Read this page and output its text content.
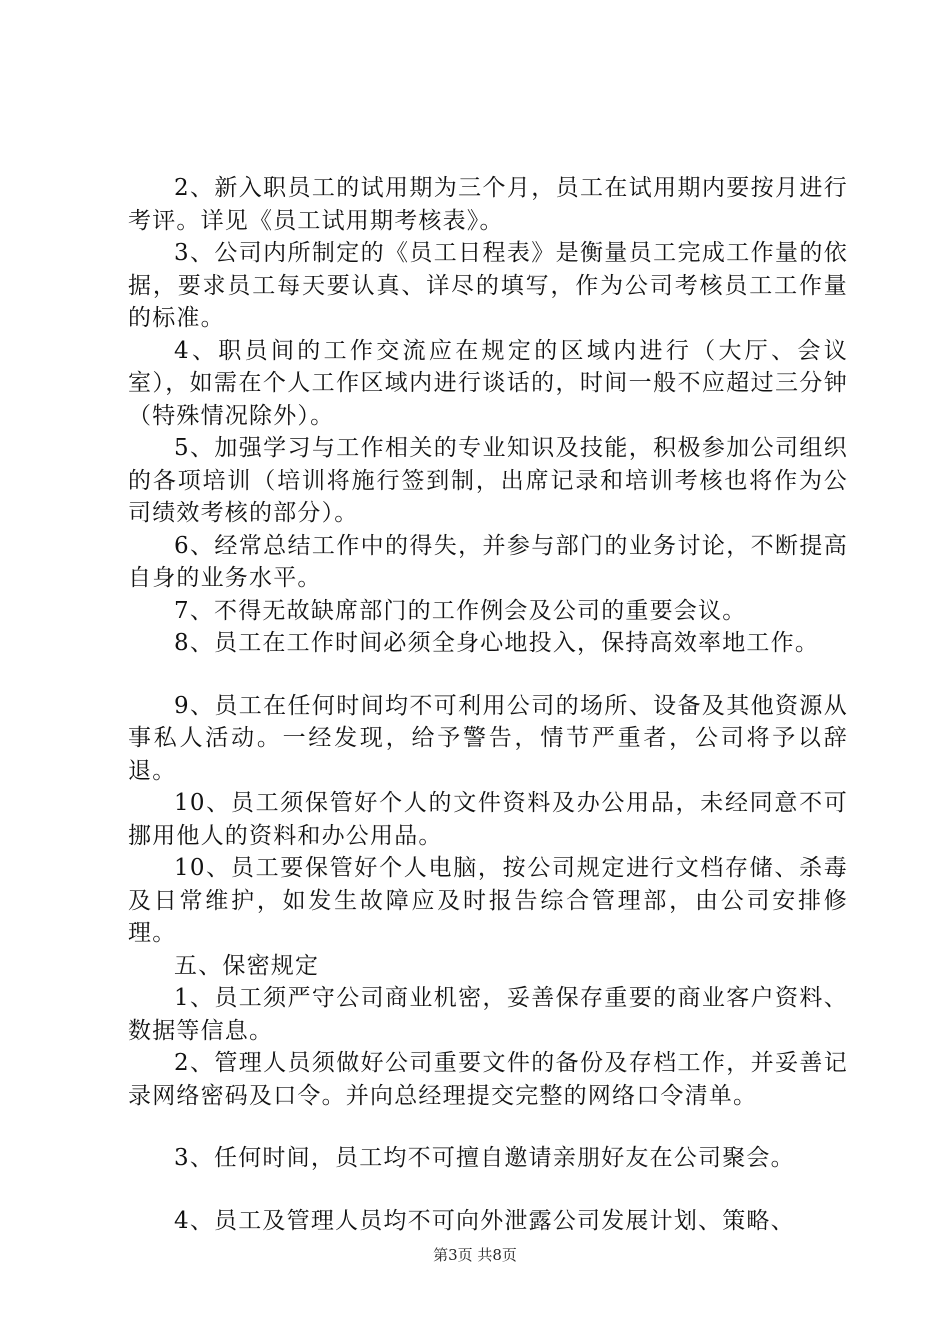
2、新入职员工的试用期为三个月，员工在试用期内要按月进行考评。详见《员工试用期考核表》。

3、公司内所制定的《员工日程表》是衡量员工完成工作量的依据，要求员工每天要认真、详尽的填写，作为公司考核员工工作量的标准。

4、职员间的工作交流应在规定的区域内进行（大厅、会议室），如需在个人工作区域内进行谈话的，时间一般不应超过三分钟（特殊情况除外）。

5、加强学习与工作相关的专业知识及技能，积极参加公司组织的各项培训（培训将施行签到制，出席记录和培训考核也将作为公司绩效考核的部分）。

6、经常总结工作中的得失，并参与部门的业务讨论，不断提高自身的业务水平。

7、不得无故缺席部门的工作例会及公司的重要会议。

8、员工在工作时间必须全身心地投入，保持高效率地工作。

9、员工在任何时间均不可利用公司的场所、设备及其他资源从事私人活动。一经发现，给予警告，情节严重者，公司将予以辞退。

10、员工须保管好个人的文件资料及办公用品，未经同意不可挪用他人的资料和办公用品。

10、员工要保管好个人电脑，按公司规定进行文档存储、杀毒及日常维护，如发生故障应及时报告综合管理部，由公司安排修理。

五、保密规定

1、员工须严守公司商业机密，妥善保存重要的商业客户资料、数据等信息。

2、管理人员须做好公司重要文件的备份及存档工作，并妥善记录网络密码及口令。并向总经理提交完整的网络口令清单。

3、任何时间，员工均不可擅自邀请亲朋好友在公司聚会。

4、员工及管理人员均不可向外泄露公司发展计划、策略、

第3页 共8页
